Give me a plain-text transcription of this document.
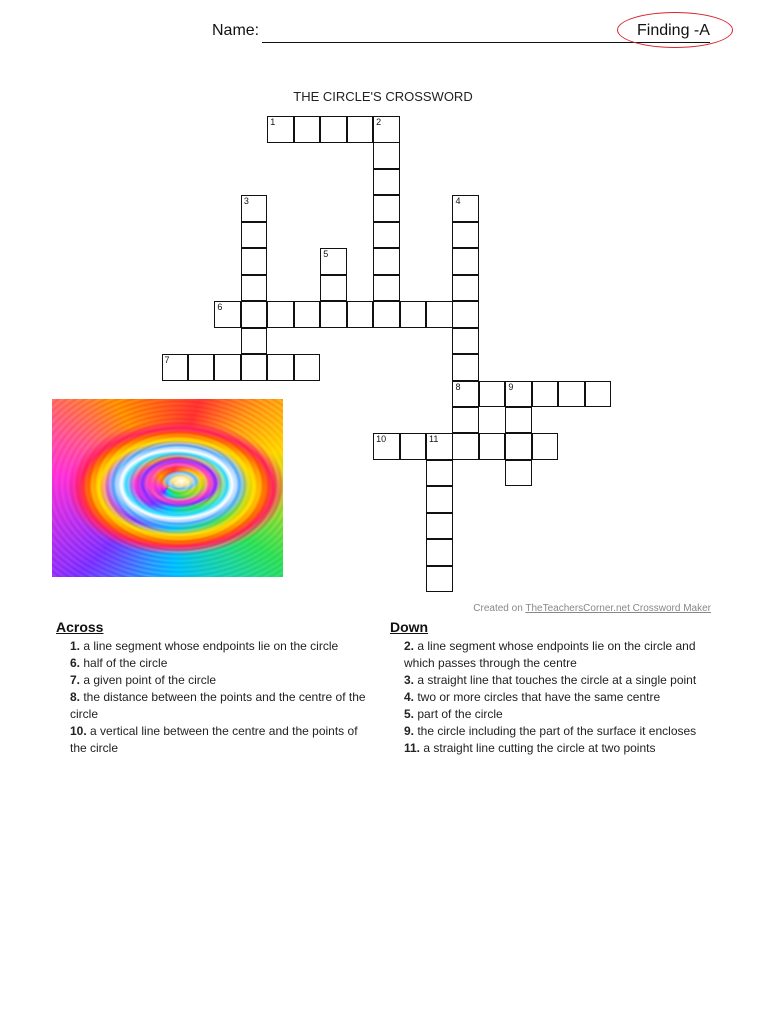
Name:	Finding -A
THE CIRCLE'S CROSSWORD
1	2
3	4
5
6
7
8	9
10	11
Created on TheTeachersCorner.net Crossword Maker
Across
1. a line segment whose endpoints lie on the circle
6. half of the circle
7. a given point of the circle
8. the distance between the points and the centre of the circle
10. a vertical line between the centre and the points of the circle
Down
2. a line segment whose endpoints lie on the circle and which passes through the centre
3. a straight line that touches the circle at a single point
4. two or more circles that have the same centre
5. part of the circle
9. the circle including the part of the surface it encloses
11. a straight line cutting the circle at two points
